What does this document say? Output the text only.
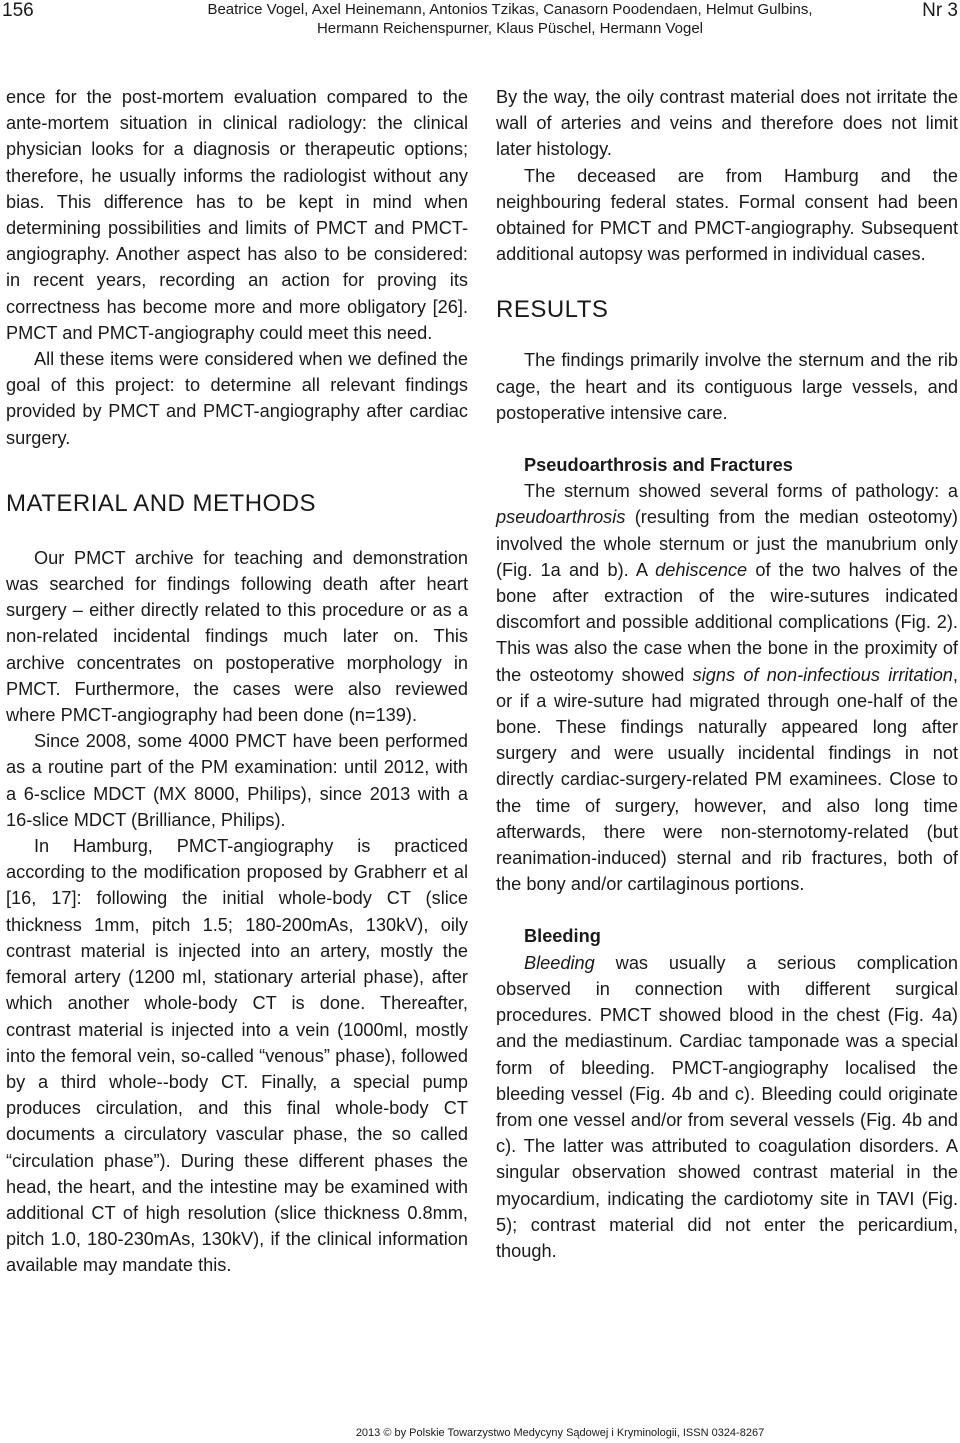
156	Beatrice Vogel, Axel Heinemann, Antonios Tzikas, Canasorn Poodendaen, Helmut Gulbins,
Hermann Reichenspurner, Klaus Püschel, Hermann Vogel
Nr 3

ence for the post-mortem evaluation compared to the ante-mortem situation in clinical radiology: the clinical physician looks for a diagnosis or therapeutic options; therefore, he usually informs the radiologist without any bias. This difference has to be kept in mind when determining possibilities and limits of PMCT and PMCT-angiography. Another aspect has also to be considered: in recent years, recording an action for proving its correctness has become more and more obligatory [26]. PMCT and PMCT-angiography could meet this need.

All these items were considered when we defined the goal of this project: to determine all relevant findings provided by PMCT and PMCT-angiography after cardiac surgery.

MATERIAL AND METHODS

Our PMCT archive for teaching and demonstration was searched for findings following death after heart surgery – either directly related to this procedure or as a non-related incidental findings much later on. This archive concentrates on postoperative morphology in PMCT. Furthermore, the cases were also reviewed where PMCT-angiography had been done (n=139).

Since 2008, some 4000 PMCT have been performed as a routine part of the PM examination: until 2012, with a 6-sclice MDCT (MX 8000, Philips), since 2013 with a 16-slice MDCT (Brilliance, Philips).

In Hamburg, PMCT-angiography is practiced according to the modification proposed by Grabherr et al [16, 17]: following the initial whole-body CT (slice thickness 1mm, pitch 1.5; 180-200mAs, 130kV), oily contrast material is injected into an artery, mostly the femoral artery (1200 ml, stationary arterial phase), after which another whole-body CT is done. Thereafter, contrast material is injected into a vein (1000ml, mostly into the femoral vein, so-called “venous” phase), followed by a third whole--body CT. Finally, a special pump produces circulation, and this final whole-body CT documents a circulatory vascular phase, the so called “circulation phase”). During these different phases the head, the heart, and the intestine may be examined with additional CT of high resolution (slice thickness 0.8mm, pitch 1.0, 180-230mAs, 130kV), if the clinical information available may mandate this.

By the way, the oily contrast material does not irritate the wall of arteries and veins and therefore does not limit later histology.

The deceased are from Hamburg and the neighbouring federal states. Formal consent had been obtained for PMCT and PMCT-angiography. Subsequent additional autopsy was performed in individual cases.

RESULTS

The findings primarily involve the sternum and the rib cage, the heart and its contiguous large vessels, and postoperative intensive care.

Pseudoarthrosis and Fractures

The sternum showed several forms of pathology: a pseudoarthrosis (resulting from the median osteotomy) involved the whole sternum or just the manubrium only (Fig. 1a and b). A dehiscence of the two halves of the bone after extraction of the wire-sutures indicated discomfort and possible additional complications (Fig. 2). This was also the case when the bone in the proximity of the osteotomy showed signs of non-infectious irritation, or if a wire-suture had migrated through one-half of the bone. These findings naturally appeared long after surgery and were usually incidental findings in not directly cardiac-surgery-related PM examinees. Close to the time of surgery, however, and also long time afterwards, there were non-sternotomy-related (but reanimation-induced) sternal and rib fractures, both of the bony and/or cartilaginous portions.

Bleeding

Bleeding was usually a serious complication observed in connection with different surgical procedures. PMCT showed blood in the chest (Fig. 4a) and the mediastinum. Cardiac tamponade was a special form of bleeding. PMCT-angiography localised the bleeding vessel (Fig. 4b and c). Bleeding could originate from one vessel and/or from several vessels (Fig. 4b and c). The latter was attributed to coagulation disorders. A singular observation showed contrast material in the myocardium, indicating the cardiotomy site in TAVI (Fig. 5); contrast material did not enter the pericardium, though.

2013 © by Polskie Towarzystwo Medycyny Sądowej i Kryminologii, ISSN 0324-8267
